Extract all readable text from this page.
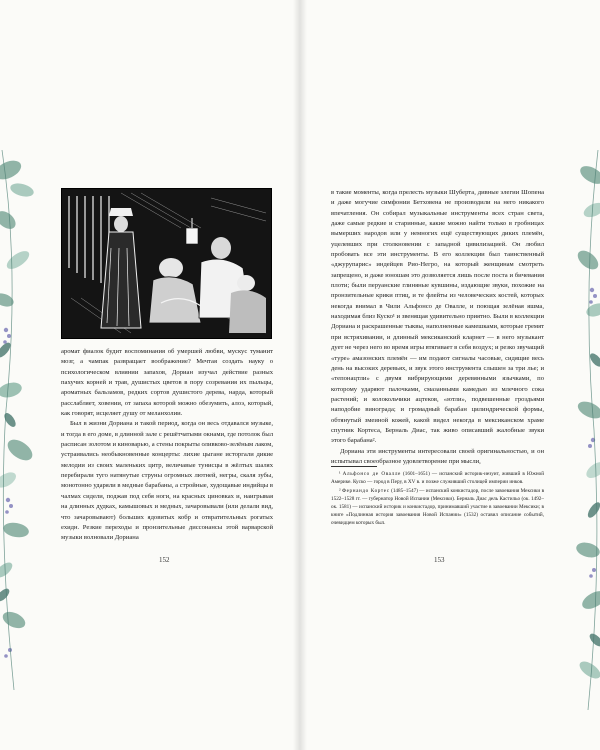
аромат фиалок будит воспоминания об умершей любви, мускус туманит мозг, а чампак развращает воображение? Мечтая создать науку о психологическом влиянии запахов, Дориан изучал действие разных пахучих корней и трав, душистых цветов в пору созревания их пыльцы, ароматных бальзамов, редких сортов душистого дерева, нарда, который расслабляет, ховении, от запаха которой можно обезумить, алоэ, который, как говорят, исцеляет душу от меланхолии.

Был в жизни Дориана и такой период, когда он весь отдавался музыке, и тогда в его доме, в длинной зале с решётчатыми окнами, где потолок был расписан золотом и киноварью, а стены покрыты оливково-зелёным лаком, устраивались необыкновенные концерты: лихие цыгане исторгали дикие мелодии из своих маленьких цитр, величавые тунисцы в жёлтых шалях перебирали туго натянутые струны огромных лютней, негры, скаля зубы, монотонно ударяли в медные барабаны, а стройные, худощавые индийцы в чалмах сидели, поджав под себя ноги, на красных циновках и, наигрывая на длинных дудках, камышовых и медных, зачаровывали (или делали вид, что зачаровывают) больших ядовитых кобр и отвратительных рогатых ехидн. Резкие переходы и пронзительные диссонансы этой варварской музыки волновали Дориана

в такие моменты, когда прелесть музыки Шуберта, дивные элегии Шопена и даже могучие симфонии Бетховена не производили на него никакого впечатления. Он собирал музыкальные инструменты всех стран света, даже самые редкие и старинные, какие можно найти только в гробницах вымерших народов или у немногих ещё существующих диких племён, уцелевших при столкновении с западной цивилизацией. Он любил пробовать все эти инструменты. В его коллекции был таинственный «джурупарис» индейцев Рио-Негро, на который женщинам смотреть запрещено, и даже юношам это дозволяется лишь после поста и бичевания плоти; были перуанские глиняные кувшины, издающие звуки, похожие на пронзительные крики птиц, и те флейты из человеческих костей, которых некогда внимал в Чили Альфонсо де Овалле, и поющая зелёная яшма, находимая близ Куско¹ и звенящая удивительно приятно. Были в коллекции Дориана и раскрашенные тыквы, наполненные камешками, которые гремят при встряхивании, и длинный мексиканский кларнет — в него музыкант дует не через него во время игры втягивает в себя воздух; и резко звучащий «туре» амазонских племён — им подают сигналы часовые, сидящие весь день на высоких деревьях, и звук этого инструмента слышен за три лье; и «тепонацтли» с двумя вибрирующими деревянными язычками, по которому ударяют палочками, смазанными камедью из млечного сока растений; и колокольчики ацтеков, «ютли», подвешенные гроздьями наподобие винограда; и громадный барабан цилиндрической формы, обтянутый змеиной кожей, какой видел некогда в мексиканском храме спутник Кортеса, Берналь Диас, так живо описавший жалобные звуки этого барабана².

Дориана эти инструменты интересовали своей оригинальностью, и он испытывал своеобразное удовлетворение при мысли,

¹ Альфонсо де Овалле (1601–1651) — испанский историк-иезуит, живший в Южной Америке. Куско — город в Перу, в XV в. и позже служивший столицей империи инков.

² Фернандо Кортес (1485–1547) — испанский конкистадор, после завоевания Мексики в 1522–1528 гг. — губернатор Новой Испании (Мексики). Берналь Диас дель Кастильо (ок. 1492–ок. 1581) — испанский историк и конкистадор, принимавший участие в завоевании Мексики; в книге «Подлинная история завоевания Новой Испании» (1532) оставил описание событий, очевидцем которых был.

152	153
